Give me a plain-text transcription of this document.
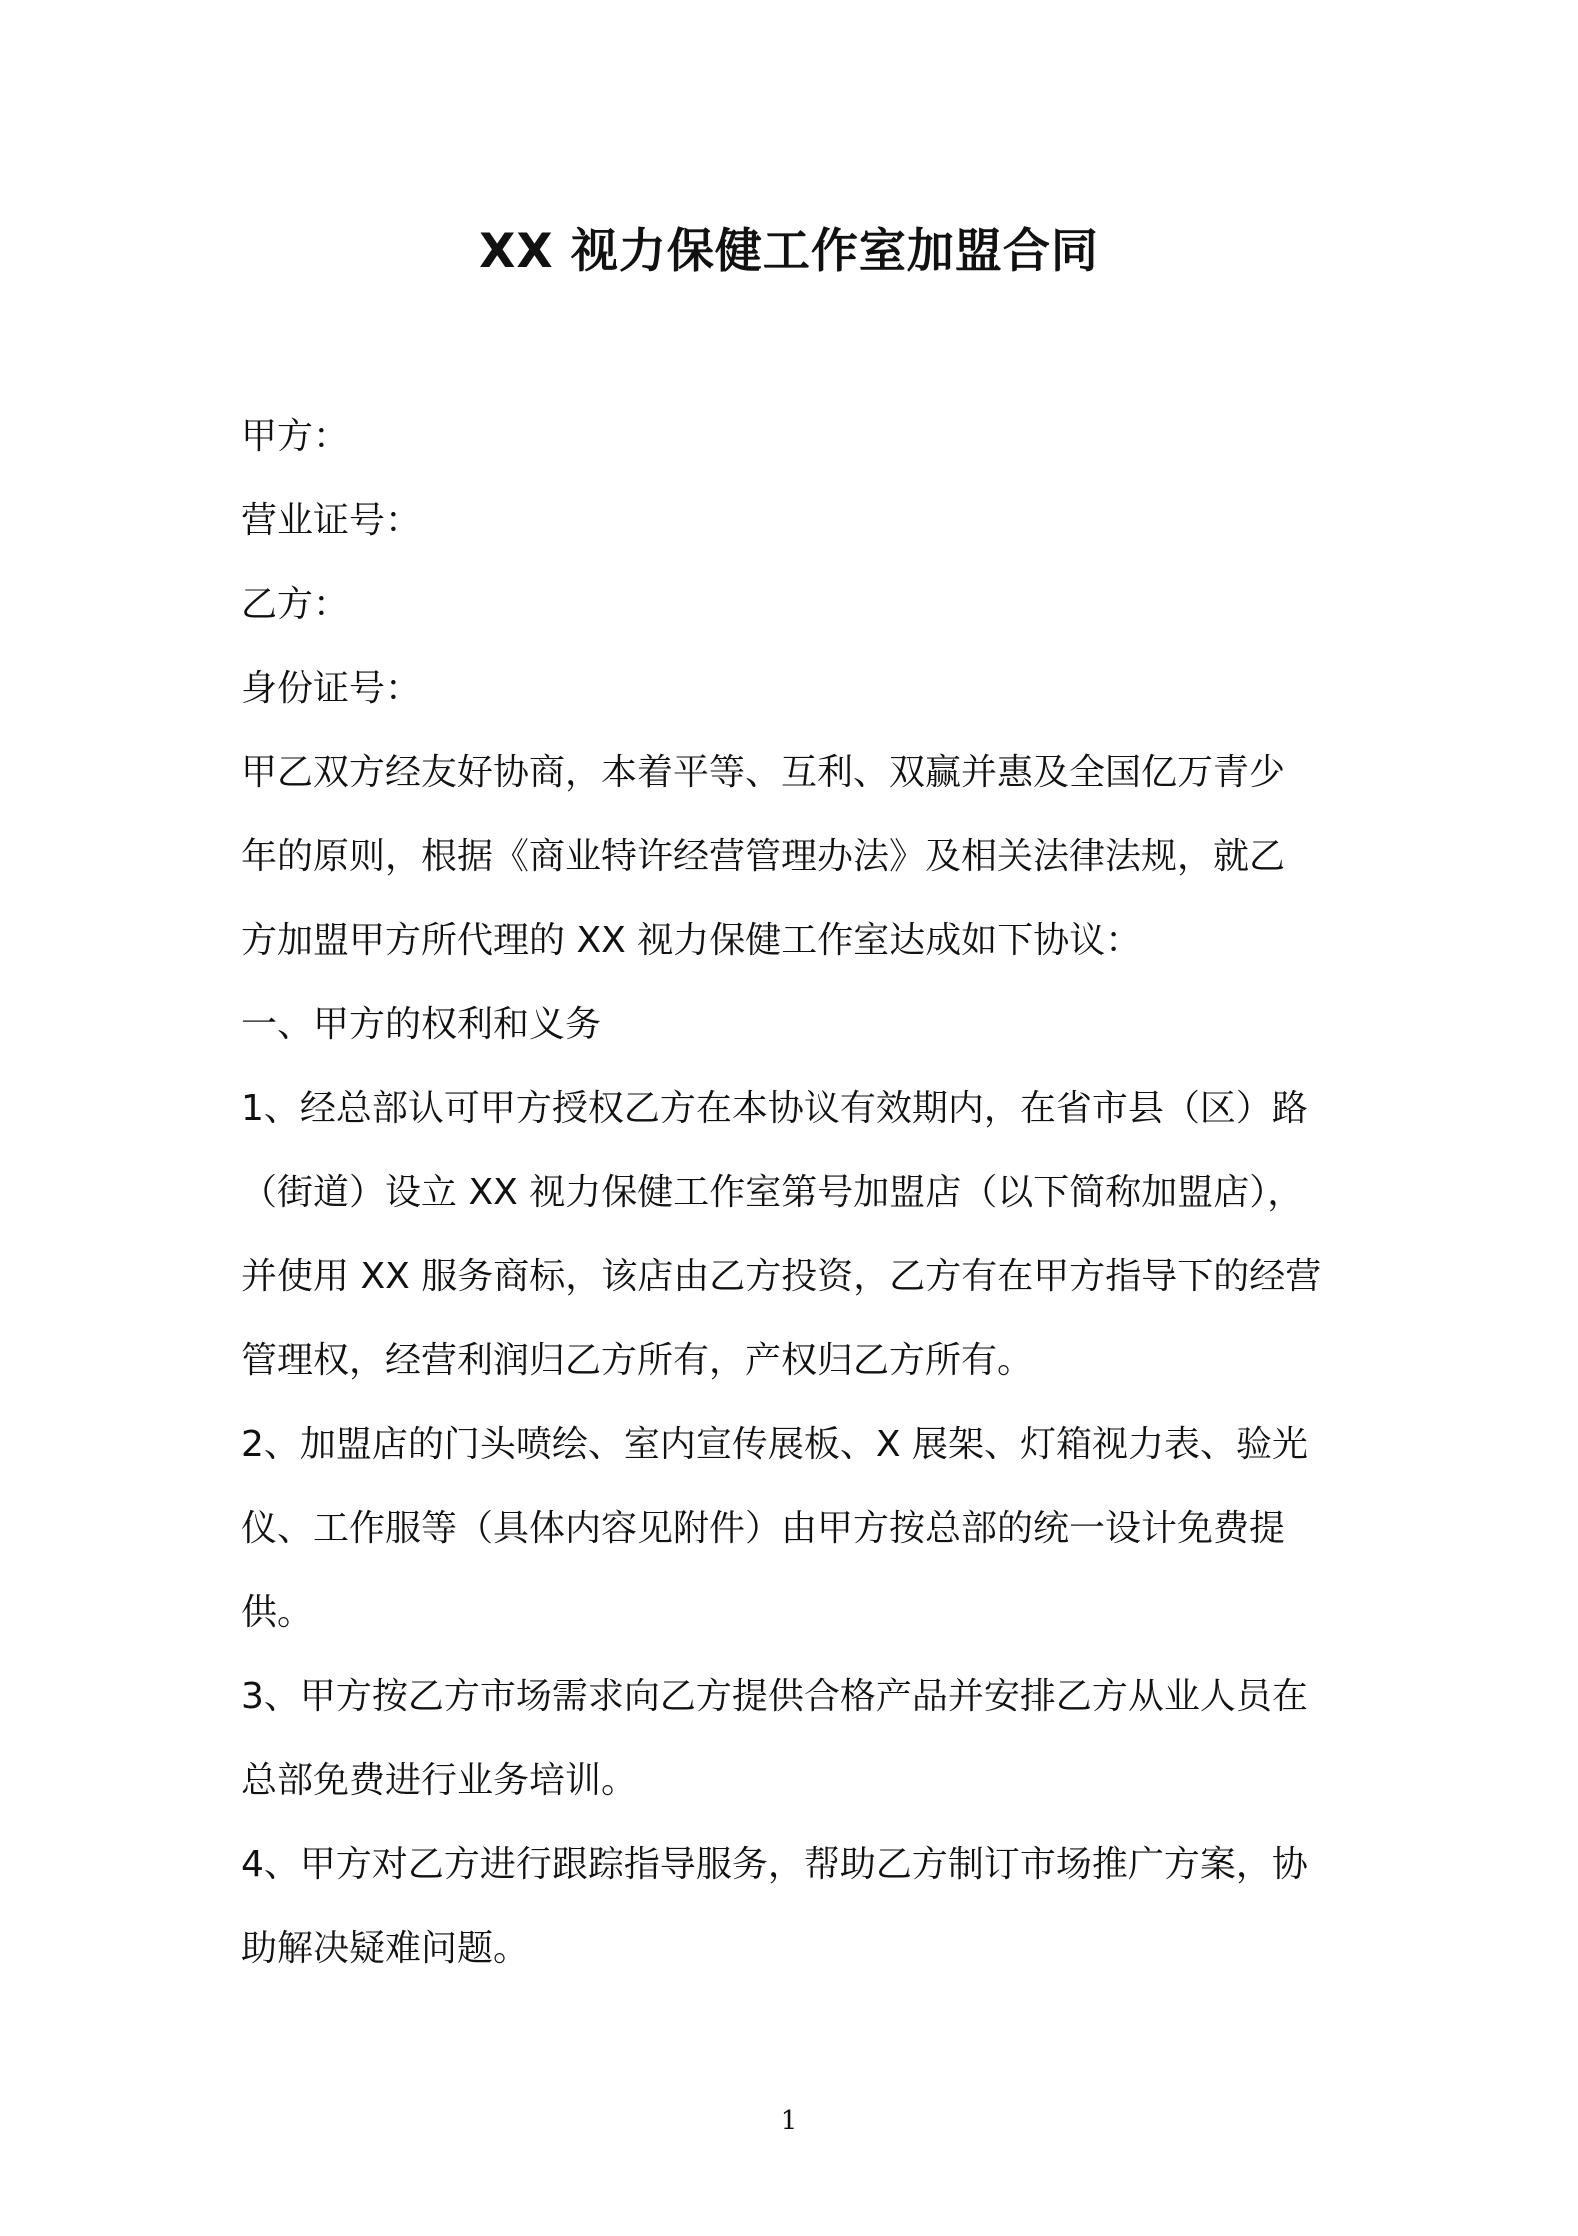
XX 视力保健工作室加盟合同
甲方：
营业证号：
乙方：
身份证号：
甲乙双方经友好协商，本着平等、互利、双赢并惠及全国亿万青少
年的原则，根据《商业特许经营管理办法》及相关法律法规，就乙
方加盟甲方所代理的 XX 视力保健工作室达成如下协议：
一、甲方的权利和义务
1、经总部认可甲方授权乙方在本协议有效期内，在省市县（区）路
（街道）设立 XX 视力保健工作室第号加盟店（以下简称加盟店），
并使用 XX 服务商标，该店由乙方投资，乙方有在甲方指导下的经营
管理权，经营利润归乙方所有，产权归乙方所有。
2、加盟店的门头喷绘、室内宣传展板、X 展架、灯箱视力表、验光
仪、工作服等（具体内容见附件）由甲方按总部的统一设计免费提
供。
3、甲方按乙方市场需求向乙方提供合格产品并安排乙方从业人员在
总部免费进行业务培训。
4、甲方对乙方进行跟踪指导服务，帮助乙方制订市场推广方案，协
助解决疑难问题。
1
